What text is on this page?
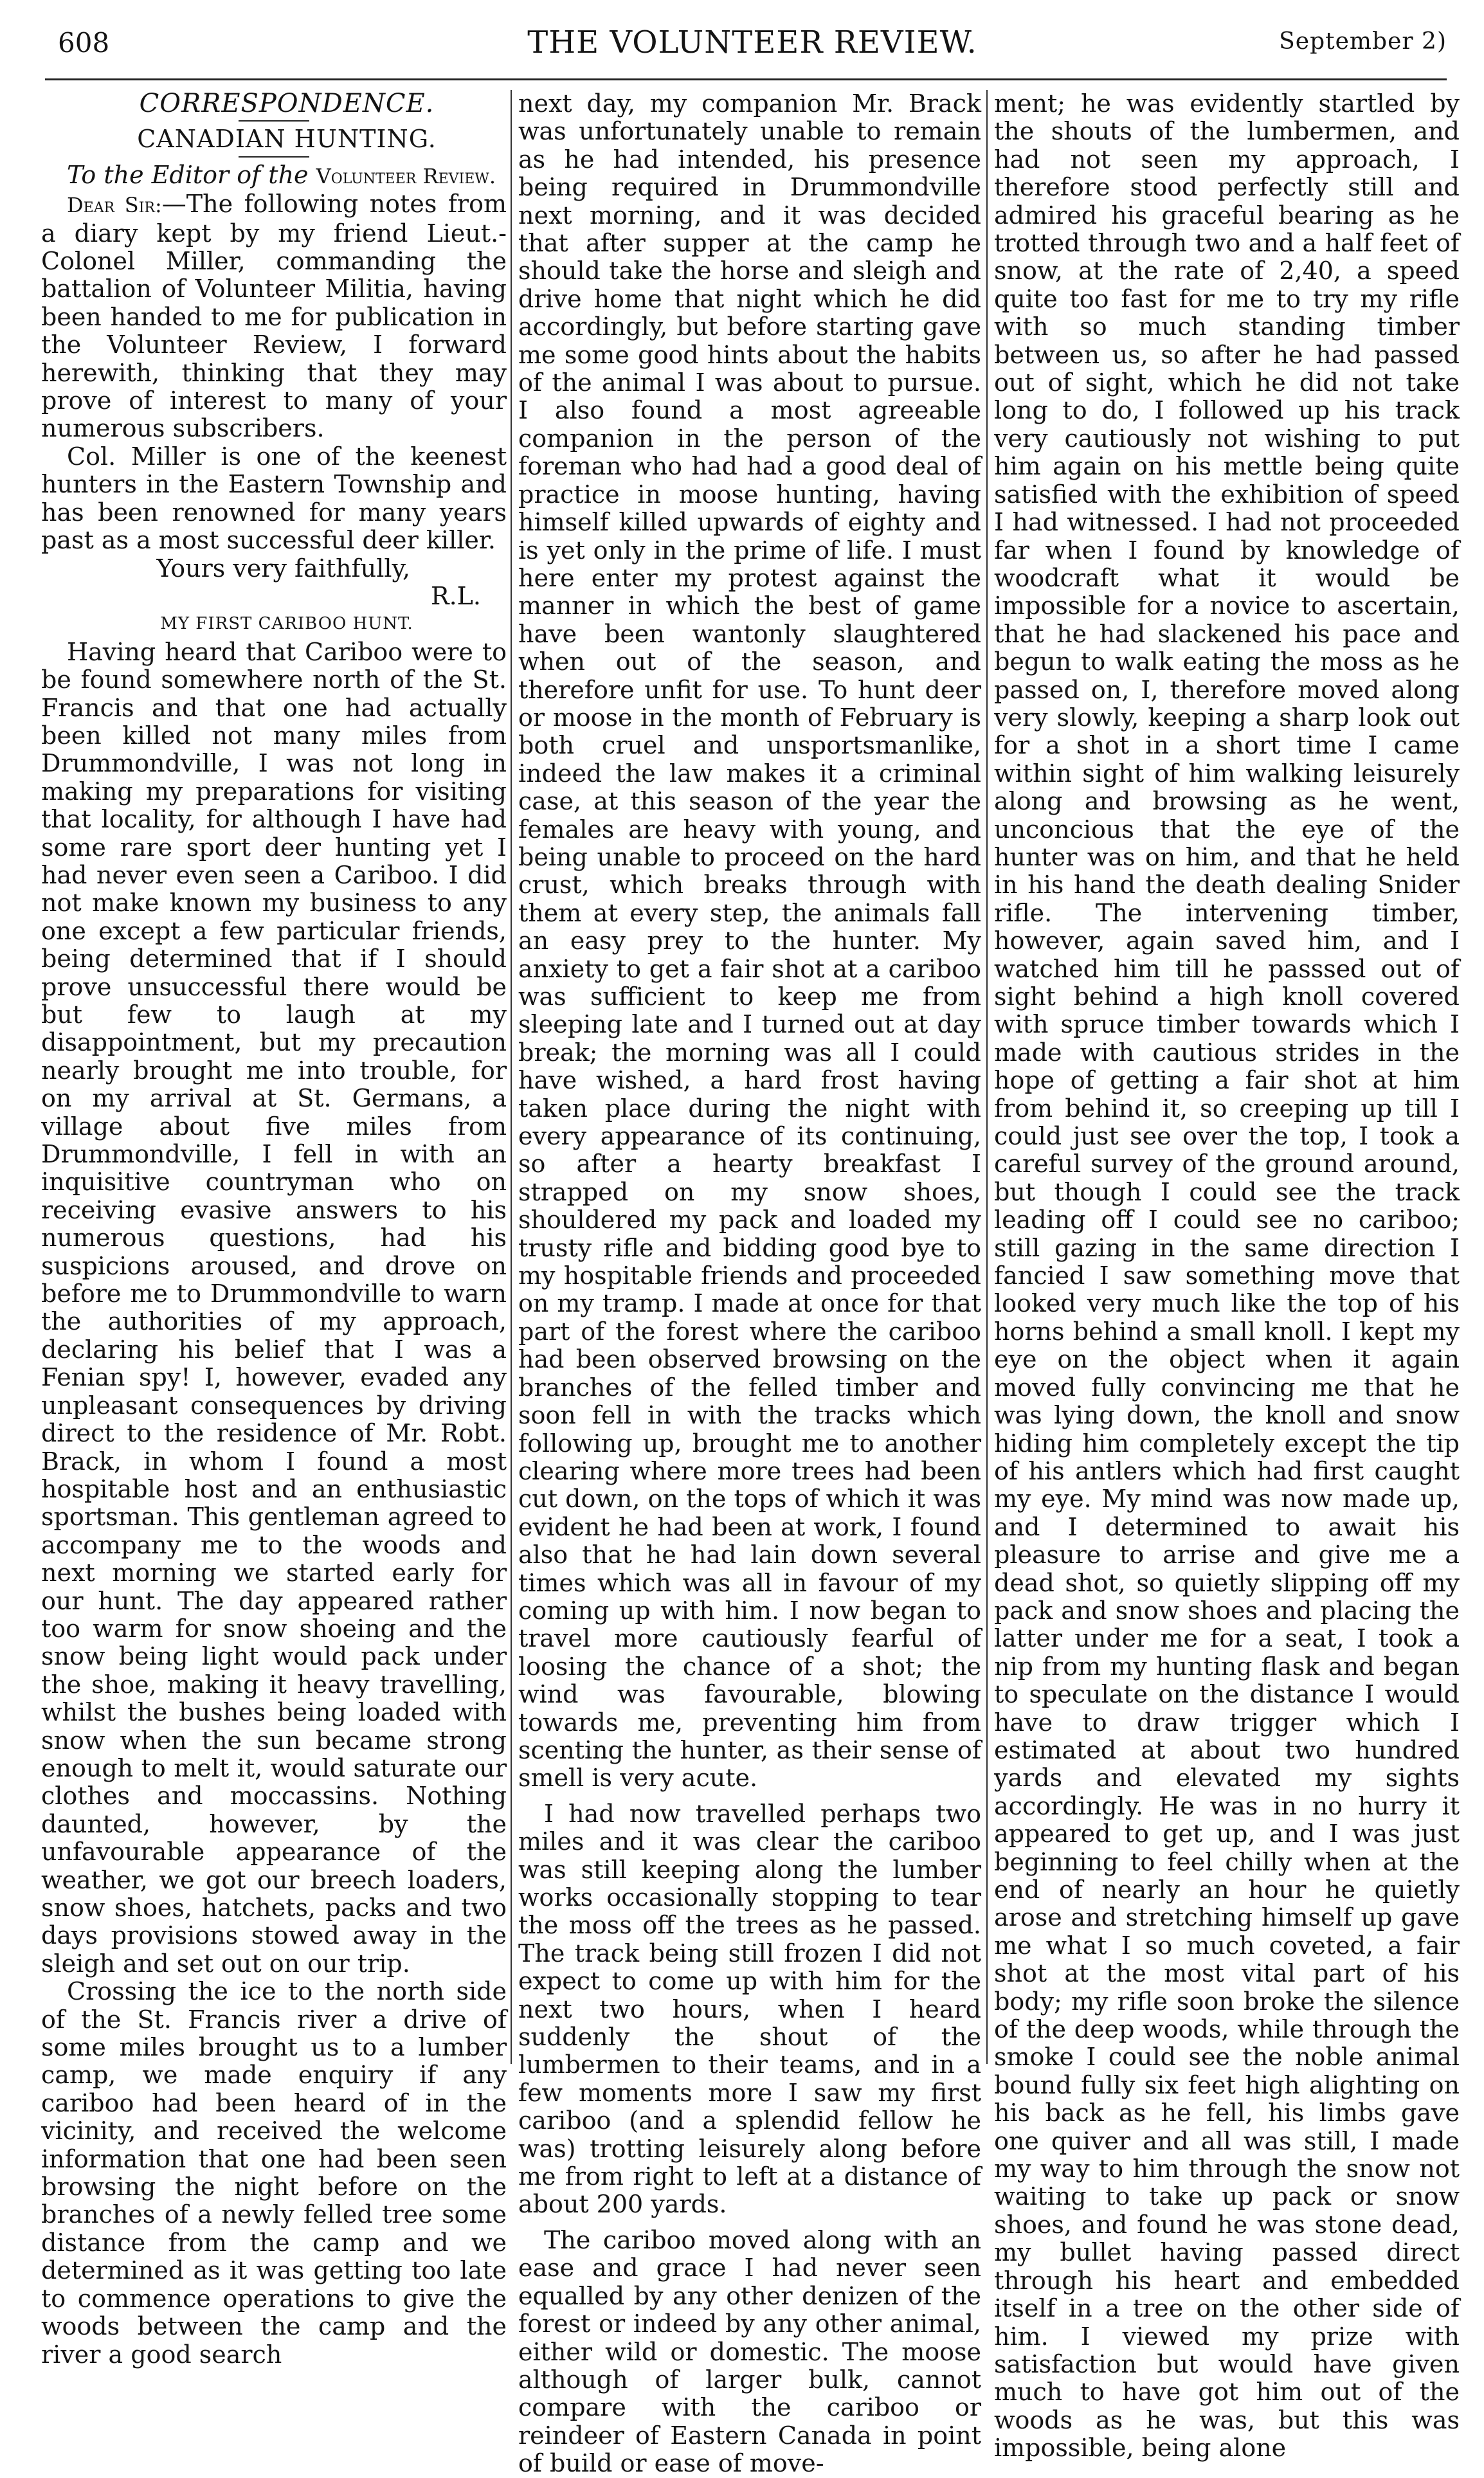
608	THE VOLUNTEER REVIEW.	September 2)

CORRESPONDENCE.

CANADIAN HUNTING.

To the Editor of the Volunteer Review.

Dear Sir:—The following notes from a diary kept by my friend Lieut.-Colonel Miller, commanding the battalion of Volunteer Militia, having been handed to me for publication in the Volunteer Review, I forward herewith, thinking that they may prove of interest to many of your numerous subscribers.

Col. Miller is one of the keenest hunters in the Eastern Township and has been renowned for many years past as a most successful deer killer.

Yours very faithfully,

R.L.

MY FIRST CARIBOO HUNT.

Having heard that Cariboo were to be found somewhere north of the St. Francis and that one had actually been killed not many miles from Drummondville, I was not long in making my preparations for visiting that locality, for although I have had some rare sport deer hunting yet I had never even seen a Cariboo. I did not make known my business to any one except a few particular friends, being determined that if I should prove unsuccessful there would be but few to laugh at my disappointment, but my precaution nearly brought me into trouble, for on my arrival at St. Germans, a village about five miles from Drummondville, I fell in with an inquisitive countryman who on receiving evasive answers to his numerous questions, had his suspicions aroused, and drove on before me to Drummondville to warn the authorities of my approach, declaring his belief that I was a Fenian spy! I, however, evaded any unpleasant consequences by driving direct to the residence of Mr. Robt. Brack, in whom I found a most hospitable host and an enthusiastic sportsman. This gentleman agreed to accompany me to the woods and next morning we started early for our hunt. The day appeared rather too warm for snow shoeing and the snow being light would pack under the shoe, making it heavy travelling, whilst the bushes being loaded with snow when the sun became strong enough to melt it, would saturate our clothes and moccassins. Nothing daunted, however, by the unfavourable appearance of the weather, we got our breech loaders, snow shoes, hatchets, packs and two days provisions stowed away in the sleigh and set out on our trip.

Crossing the ice to the north side of the St. Francis river a drive of some miles brought us to a lumber camp, we made enquiry if any cariboo had been heard of in the vicinity, and received the welcome information that one had been seen browsing the night before on the branches of a newly felled tree some distance from the camp and we determined as it was getting too late to commence operations to give the woods between the camp and the river a good search

next day, my companion Mr. Brack was unfortunately unable to remain as he had intended, his presence being required in Drummondville next morning, and it was decided that after supper at the camp he should take the horse and sleigh and drive home that night which he did accordingly, but before starting gave me some good hints about the habits of the animal I was about to pursue. I also found a most agreeable companion in the person of the foreman who had had a good deal of practice in moose hunting, having himself killed upwards of eighty and is yet only in the prime of life. I must here enter my protest against the manner in which the best of game have been wantonly slaughtered when out of the season, and therefore unfit for use. To hunt deer or moose in the month of February is both cruel and unsportsmanlike, indeed the law makes it a criminal case, at this season of the year the females are heavy with young, and being unable to proceed on the hard crust, which breaks through with them at every step, the animals fall an easy prey to the hunter. My anxiety to get a fair shot at a cariboo was sufficient to keep me from sleeping late and I turned out at day break; the morning was all I could have wished, a hard frost having taken place during the night with every appearance of its continuing, so after a hearty breakfast I strapped on my snow shoes, shouldered my pack and loaded my trusty rifle and bidding good bye to my hospitable friends and proceeded on my tramp. I made at once for that part of the forest where the cariboo had been observed browsing on the branches of the felled timber and soon fell in with the tracks which following up, brought me to another clearing where more trees had been cut down, on the tops of which it was evident he had been at work, I found also that he had lain down several times which was all in favour of my coming up with him. I now began to travel more cautiously fearful of loosing the chance of a shot; the wind was favourable, blowing towards me, preventing him from scenting the hunter, as their sense of smell is very acute.

I had now travelled perhaps two miles and it was clear the cariboo was still keeping along the lumber works occasionally stopping to tear the moss off the trees as he passed. The track being still frozen I did not expect to come up with him for the next two hours, when I heard suddenly the shout of the lumbermen to their teams, and in a few moments more I saw my first cariboo (and a splendid fellow he was) trotting leisurely along before me from right to left at a distance of about 200 yards.

The cariboo moved along with an ease and grace I had never seen equalled by any other denizen of the forest or indeed by any other animal, either wild or domestic. The moose although of larger bulk, cannot compare with the cariboo or reindeer of Eastern Canada in point of build or ease of move-

ment; he was evidently startled by the shouts of the lumbermen, and had not seen my approach, I therefore stood perfectly still and admired his graceful bearing as he trotted through two and a half feet of snow, at the rate of 2,40, a speed quite too fast for me to try my rifle with so much standing timber between us, so after he had passed out of sight, which he did not take long to do, I followed up his track very cautiously not wishing to put him again on his mettle being quite satisfied with the exhibition of speed I had witnessed. I had not proceeded far when I found by knowledge of woodcraft what it would be impossible for a novice to ascertain, that he had slackened his pace and begun to walk eating the moss as he passed on, I, therefore moved along very slowly, keeping a sharp look out for a shot in a short time I came within sight of him walking leisurely along and browsing as he went, unconcious that the eye of the hunter was on him, and that he held in his hand the death dealing Snider rifle. The intervening timber, however, again saved him, and I watched him till he passsed out of sight behind a high knoll covered with spruce timber towards which I made with cautious strides in the hope of getting a fair shot at him from behind it, so creeping up till I could just see over the top, I took a careful survey of the ground around, but though I could see the track leading off I could see no cariboo; still gazing in the same direction I fancied I saw something move that looked very much like the top of his horns behind a small knoll. I kept my eye on the object when it again moved fully convincing me that he was lying down, the knoll and snow hiding him completely except the tip of his antlers which had first caught my eye. My mind was now made up, and I determined to await his pleasure to arrise and give me a dead shot, so quietly slipping off my pack and snow shoes and placing the latter under me for a seat, I took a nip from my hunting flask and began to speculate on the distance I would have to draw trigger which I estimated at about two hundred yards and elevated my sights accordingly. He was in no hurry it appeared to get up, and I was just beginning to feel chilly when at the end of nearly an hour he quietly arose and stretching himself up gave me what I so much coveted, a fair shot at the most vital part of his body; my rifle soon broke the silence of the deep woods, while through the smoke I could see the noble animal bound fully six feet high alighting on his back as he fell, his limbs gave one quiver and all was still, I made my way to him through the snow not waiting to take up pack or snow shoes, and found he was stone dead, my bullet having passed direct through his heart and embedded itself in a tree on the other side of him. I viewed my prize with satisfaction but would have given much to have got him out of the woods as he was, but this was impossible, being alone
